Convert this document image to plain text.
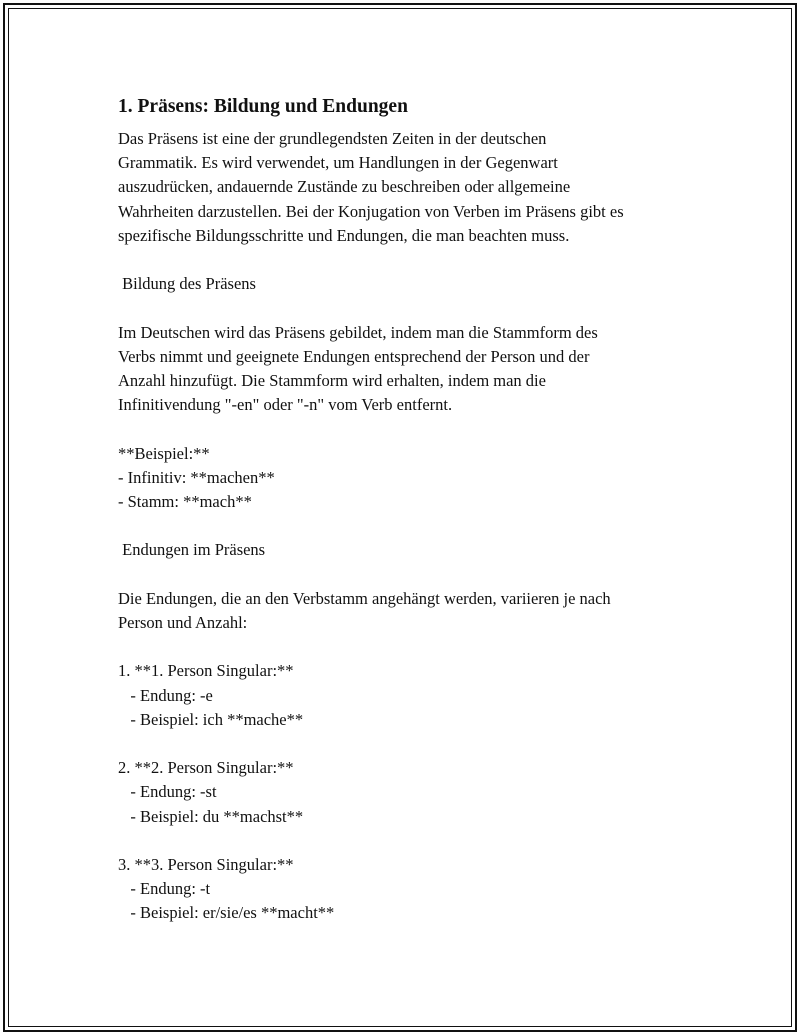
1. Präsens: Bildung und Endungen
Das Präsens ist eine der grundlegendsten Zeiten in der deutschen
Grammatik. Es wird verwendet, um Handlungen in der Gegenwart
auszudrücken, andauernde Zustände zu beschreiben oder allgemeine
Wahrheiten darzustellen. Bei der Konjugation von Verben im Präsens gibt es
spezifische Bildungsschritte und Endungen, die man beachten muss.
Bildung des Präsens
Im Deutschen wird das Präsens gebildet, indem man die Stammform des
Verbs nimmt und geeignete Endungen entsprechend der Person und der
Anzahl hinzufügt. Die Stammform wird erhalten, indem man die
Infinitivendung "-en" oder "-n" vom Verb entfernt.
**Beispiel:**
- Infinitiv: **machen**
- Stamm: **mach**
Endungen im Präsens
Die Endungen, die an den Verbstamm angehängt werden, variieren je nach
Person und Anzahl:
1. **1. Person Singular:**
- Endung: -e
- Beispiel: ich **mache**
2. **2. Person Singular:**
- Endung: -st
- Beispiel: du **machst**
3. **3. Person Singular:**
- Endung: -t
- Beispiel: er/sie/es **macht**
